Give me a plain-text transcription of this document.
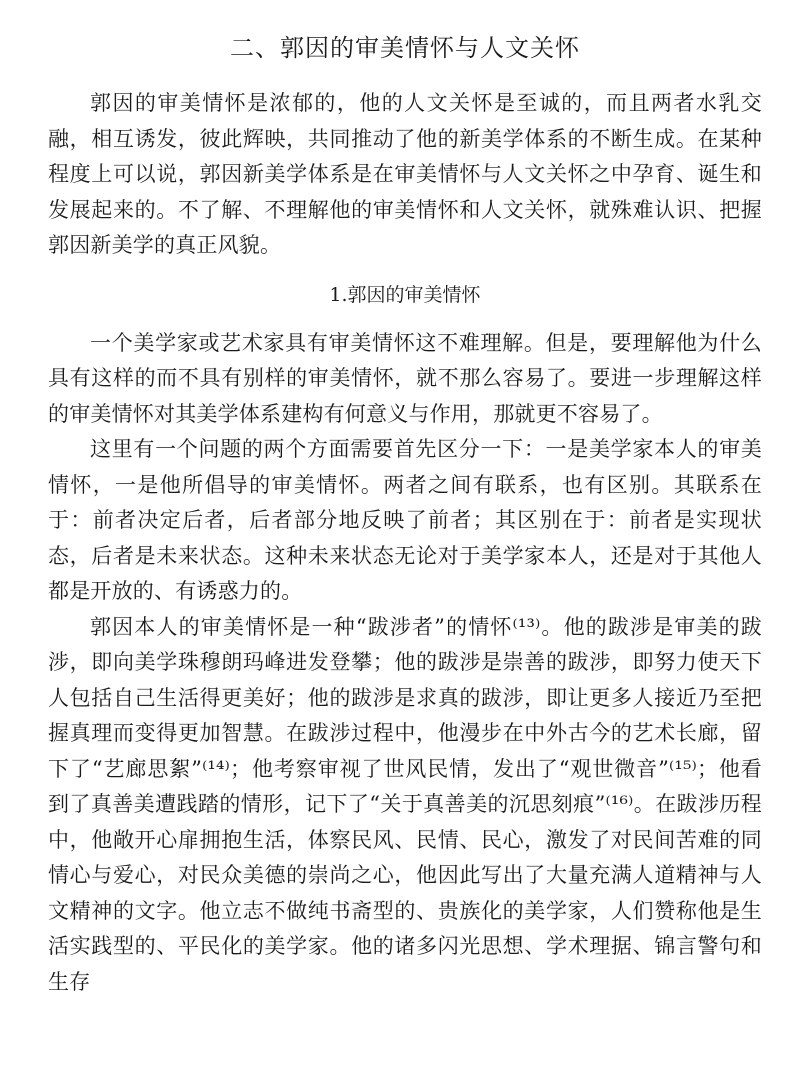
二、郭因的审美情怀与人文关怀

郭因的审美情怀是浓郁的，他的人文关怀是至诚的，而且两者水乳交融，相互诱发，彼此辉映，共同推动了他的新美学体系的不断生成。在某种程度上可以说，郭因新美学体系是在审美情怀与人文关怀之中孕育、诞生和发展起来的。不了解、不理解他的审美情怀和人文关怀，就殊难认识、把握郭因新美学的真正风貌。

1.郭因的审美情怀

一个美学家或艺术家具有审美情怀这不难理解。但是，要理解他为什么具有这样的而不具有别样的审美情怀，就不那么容易了。要进一步理解这样的审美情怀对其美学体系建构有何意义与作用，那就更不容易了。

这里有一个问题的两个方面需要首先区分一下：一是美学家本人的审美情怀，一是他所倡导的审美情怀。两者之间有联系，也有区别。其联系在于：前者决定后者，后者部分地反映了前者；其区别在于：前者是实现状态，后者是未来状态。这种未来状态无论对于美学家本人，还是对于其他人都是开放的、有诱惑力的。

郭因本人的审美情怀是一种“跋涉者”的情怀⁽¹³⁾。他的跋涉是审美的跋涉，即向美学珠穆朗玛峰进发登攀；他的跋涉是崇善的跋涉，即努力使天下人包括自己生活得更美好；他的跋涉是求真的跋涉，即让更多人接近乃至把握真理而变得更加智慧。在跋涉过程中，他漫步在中外古今的艺术长廊，留下了“艺廊思絮”⁽¹⁴⁾；他考察审视了世风民情，发出了“观世微音”⁽¹⁵⁾；他看到了真善美遭践踏的情形，记下了“关于真善美的沉思刻痕”⁽¹⁶⁾。在跋涉历程中，他敞开心扉拥抱生活，体察民风、民情、民心，激发了对民间苦难的同情心与爱心，对民众美德的崇尚之心，他因此写出了大量充满人道精神与人文精神的文字。他立志不做纯书斋型的、贵族化的美学家，人们赞称他是生活实践型的、平民化的美学家。他的诸多闪光思想、学术理据、锦言警句和生存
